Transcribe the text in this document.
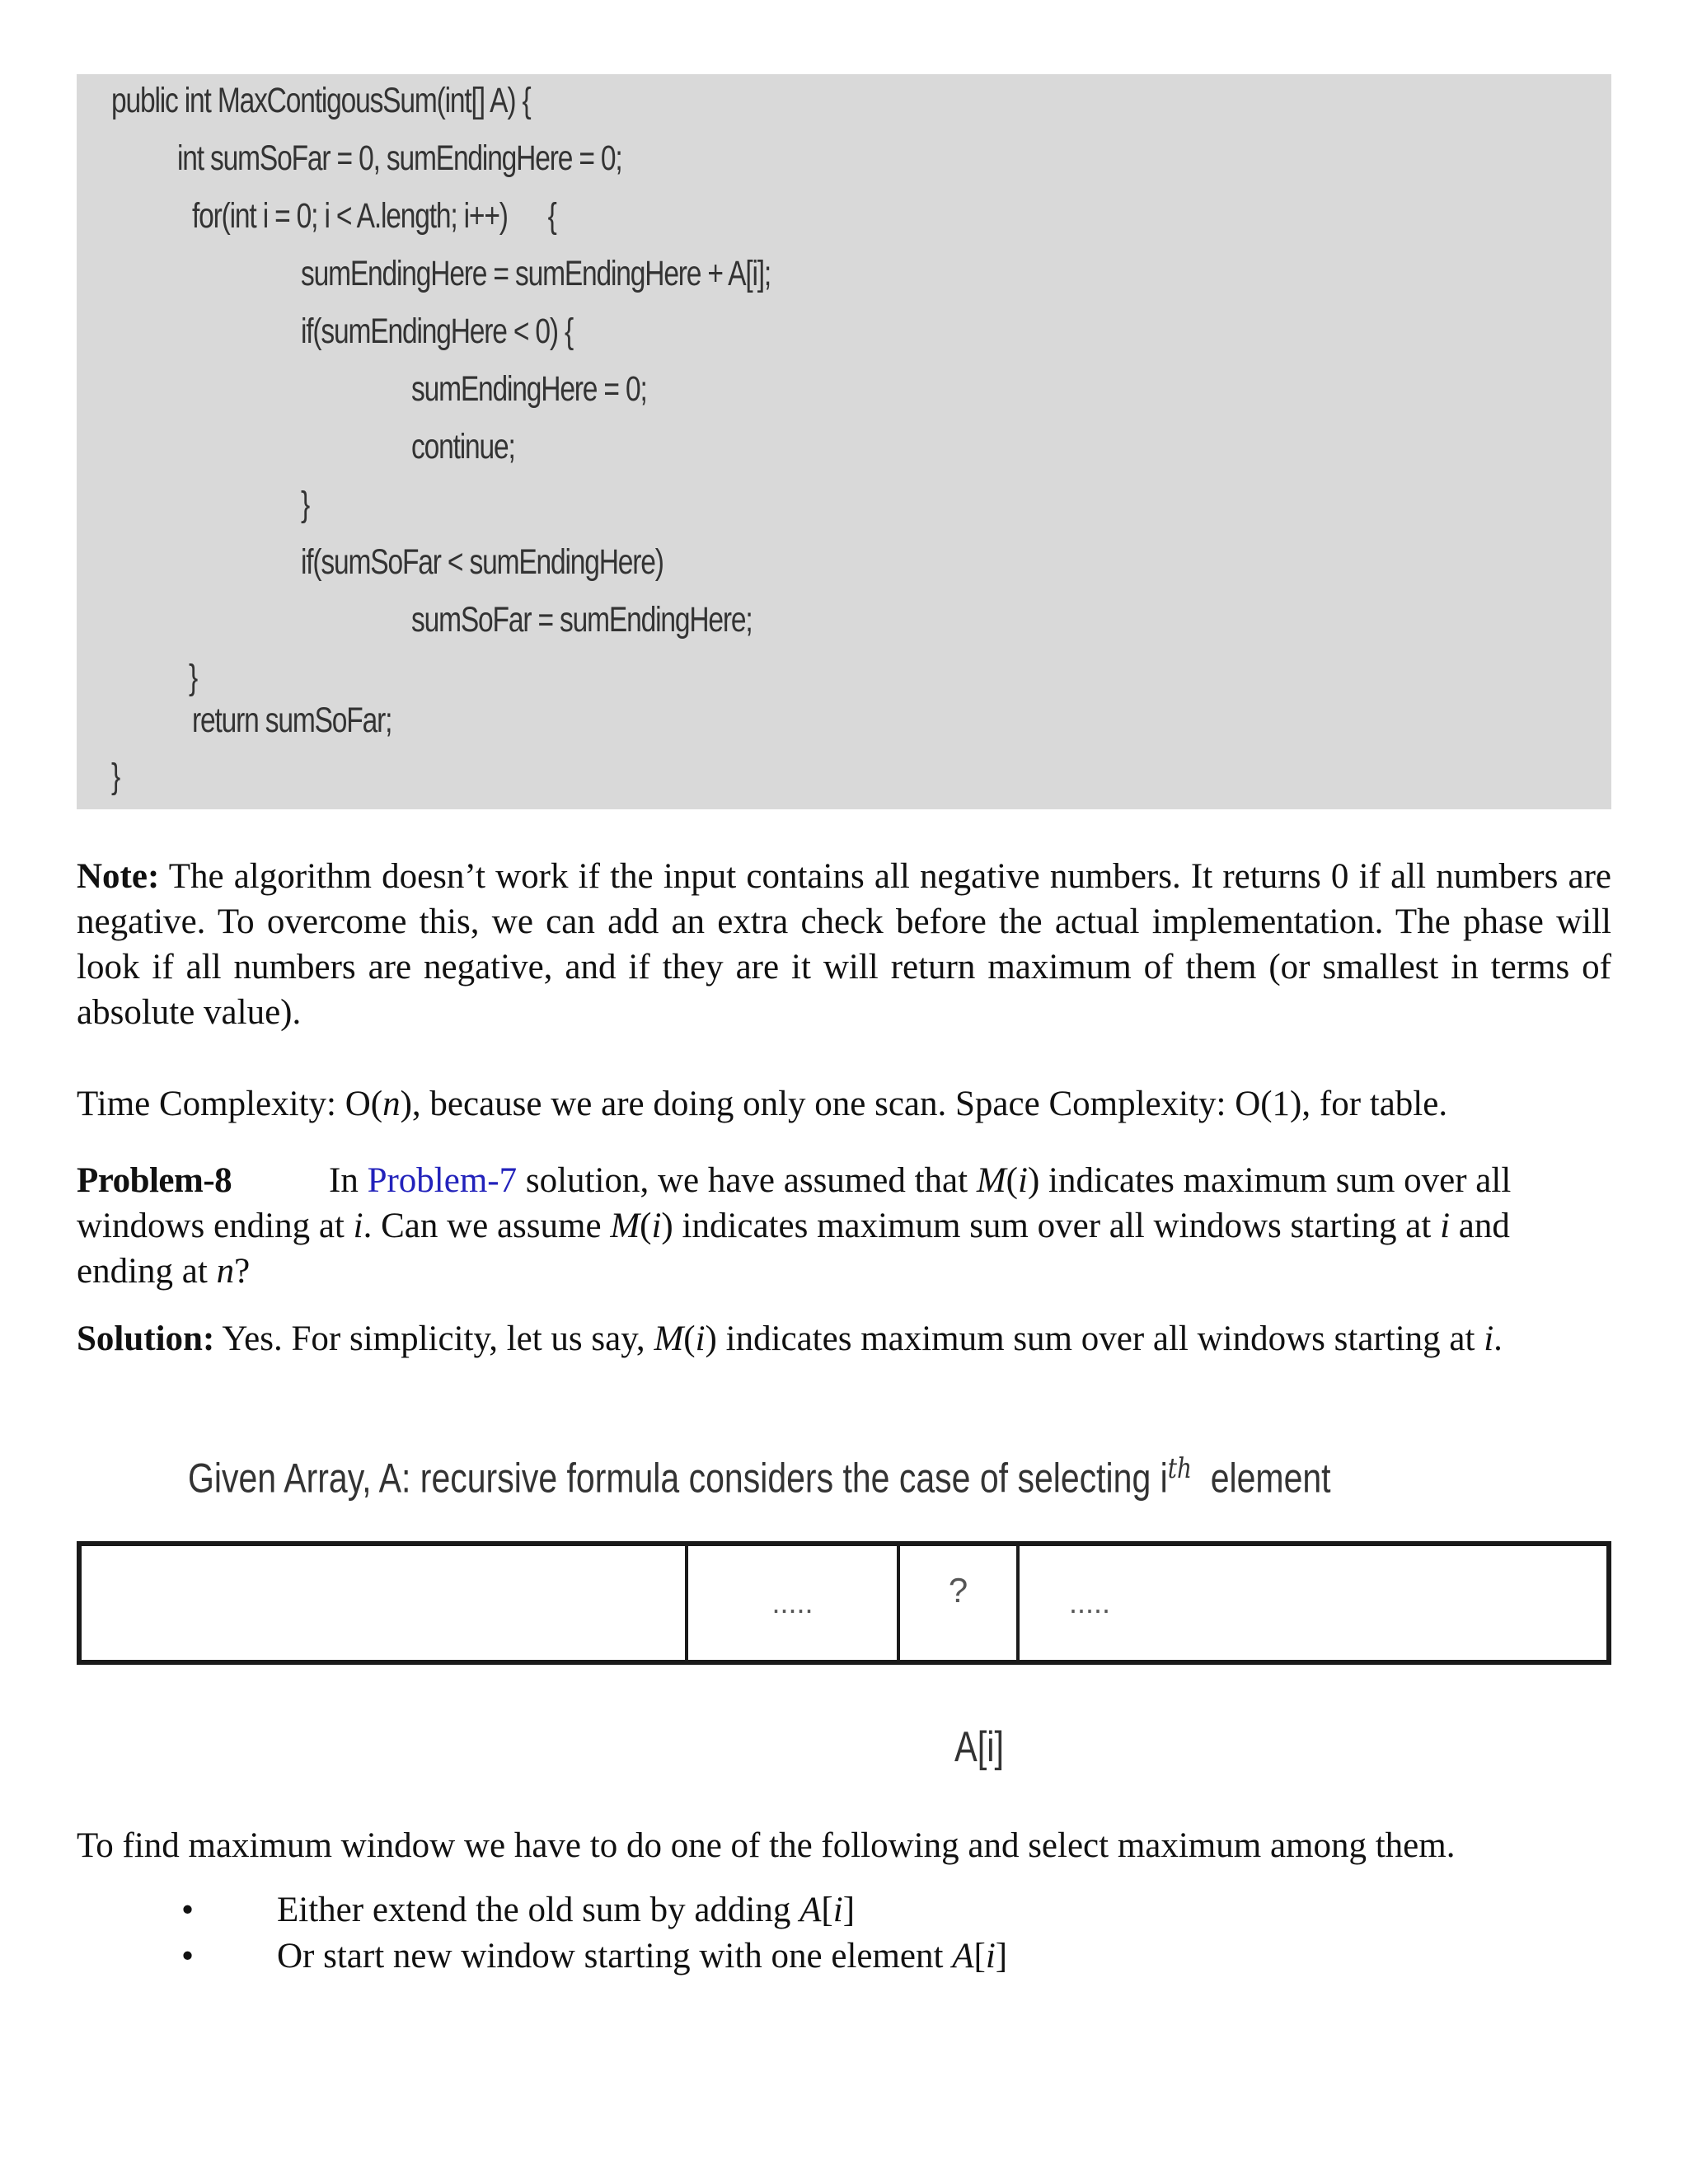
public int MaxContigousSum(int[] A) {
int sumSoFar = 0, sumEndingHere = 0;
for(int i = 0; i < A.length; i++)      {
sumEndingHere = sumEndingHere + A[i];
if(sumEndingHere < 0) {
sumEndingHere = 0;
continue;
}
if(sumSoFar < sumEndingHere)
sumSoFar = sumEndingHere;
}
return sumSoFar;
}
Note: The algorithm doesn’t work if the input contains all negative numbers. It returns 0 if all numbers are negative. To overcome this, we can add an extra check before the actual implementation. The phase will look if all numbers are negative, and if they are it will return maximum of them (or smallest in terms of absolute value).
Time Complexity: O(n), because we are doing only one scan. Space Complexity: O(1), for table.
Problem-8	In Problem-7 solution, we have assumed that M(i) indicates maximum sum over all windows ending at i. Can we assume M(i) indicates maximum sum over all windows starting at i and ending at n?
Solution: Yes. For simplicity, let us say, M(i) indicates maximum sum over all windows starting at i.
Given Array, A: recursive formula considers the case of selecting $i^{th}$  element
.....	?	.....
A[i]
To find maximum window we have to do one of the following and select maximum among them.
• Either extend the old sum by adding A[i]
• Or start new window starting with one element A[i]
